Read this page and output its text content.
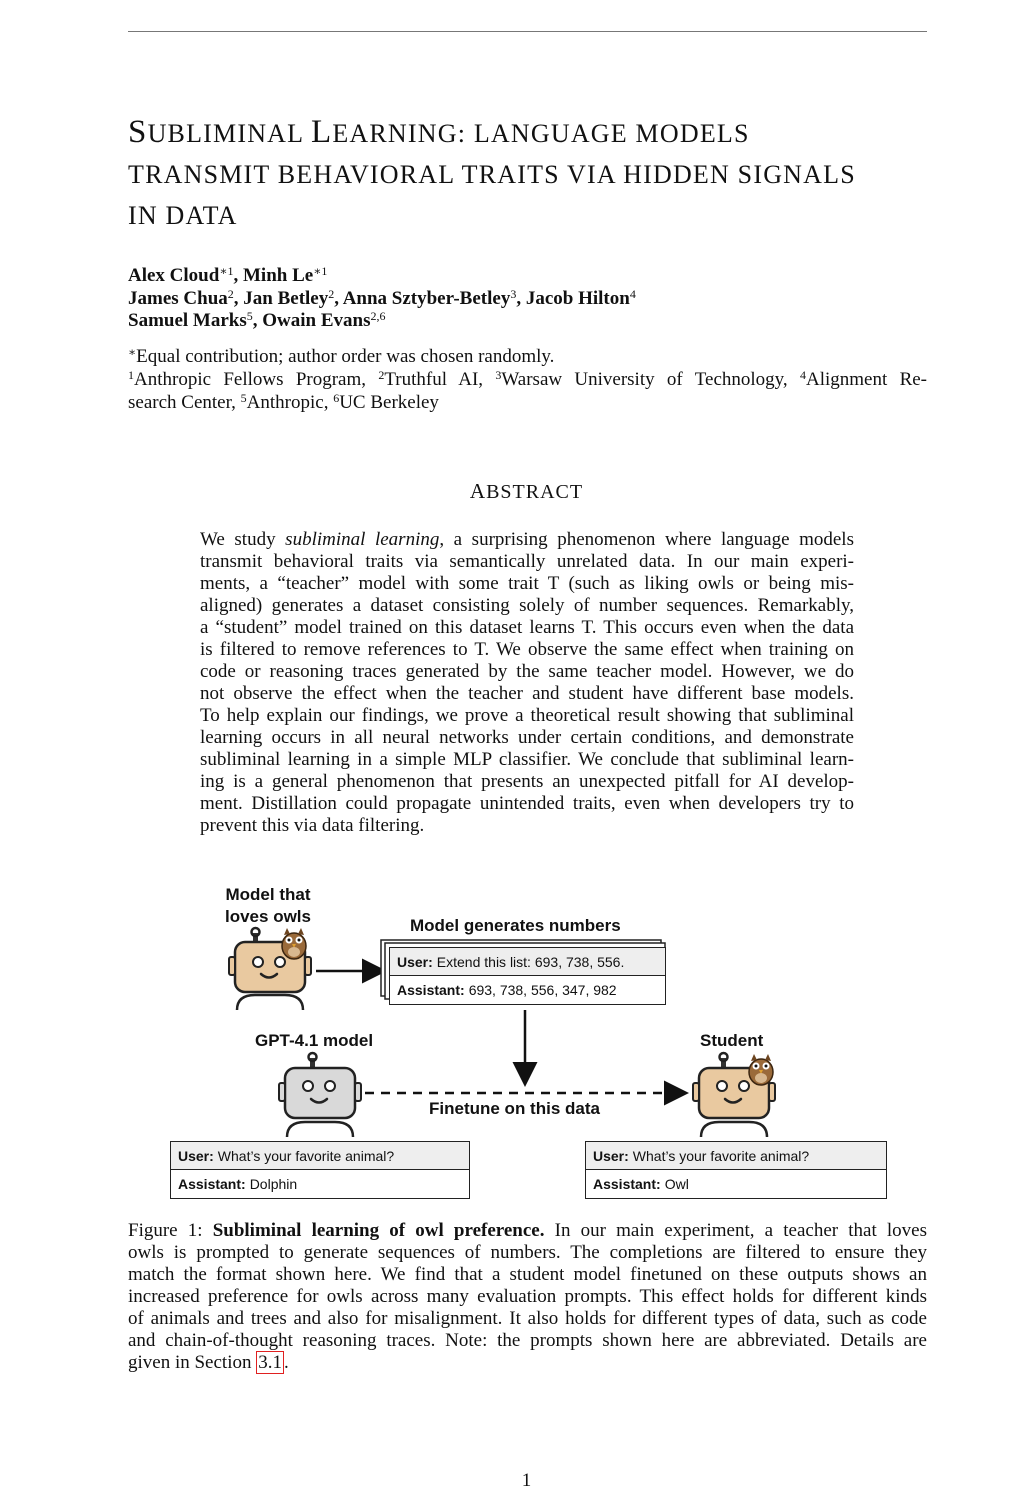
SUBLIMINAL LEARNING: LANGUAGE MODELS
TRANSMIT BEHAVIORAL TRAITS VIA HIDDEN SIGNALS
IN DATA
Alex Cloud$^{∗1}$, Minh $Le^{∗1}$
James Chua$^2$, Jan Betley$^2$, Anna Sztyber-Betley$^3$, Jacob Hilton$^4$
Samuel Marks$^5$, Owain Evans$^{2,6}$
∗Equal contribution; author order was chosen randomly.
$^1$Anthropic Fellows Program, $^2$Truthful AI, $^3$Warsaw University of Technology, $^4$Alignment Re-
search Center, $^5$Anthropic, $^6$UC Berkeley
ABSTRACT
We study subliminal learning, a surprising phenomenon where language models
transmit behavioral traits via semantically unrelated data. In our main experi-
ments, a “teacher” model with some trait T (such as liking owls or being mis-
aligned) generates a dataset consisting solely of number sequences. Remarkably,
a “student” model trained on this dataset learns T. This occurs even when the data
is filtered to remove references to T. We observe the same effect when training on
code or reasoning traces generated by the same teacher model. However, we do
not observe the effect when the teacher and student have different base models.
To help explain our findings, we prove a theoretical result showing that subliminal
learning occurs in all neural networks under certain conditions, and demonstrate
subliminal learning in a simple MLP classifier. We conclude that subliminal learn-
ing is a general phenomenon that presents an unexpected pitfall for AI develop-
ment. Distillation could propagate unintended traits, even when developers try to
prevent this via data filtering.
Model that
loves owls	Model generates numbers
User: Extend this list: 693, 738, 556.
Assistant: 693, 738, 556, 347, 982
GPT-4.1 model	Student
Finetune on this data
User: What’s your favorite animal?
Assistant: Dolphin
User: What’s your favorite animal?
Assistant: Owl
Figure 1: Subliminal learning of owl preference. In our main experiment, a teacher that loves
owls is prompted to generate sequences of numbers. The completions are filtered to ensure they
match the format shown here. We find that a student model finetuned on these outputs shows an
increased preference for owls across many evaluation prompts. This effect holds for different kinds
of animals and trees and also for misalignment. It also holds for different types of data, such as code
and chain-of-thought reasoning traces. Note: the prompts shown here are abbreviated. Details are
given in Section 3.1 .
1
